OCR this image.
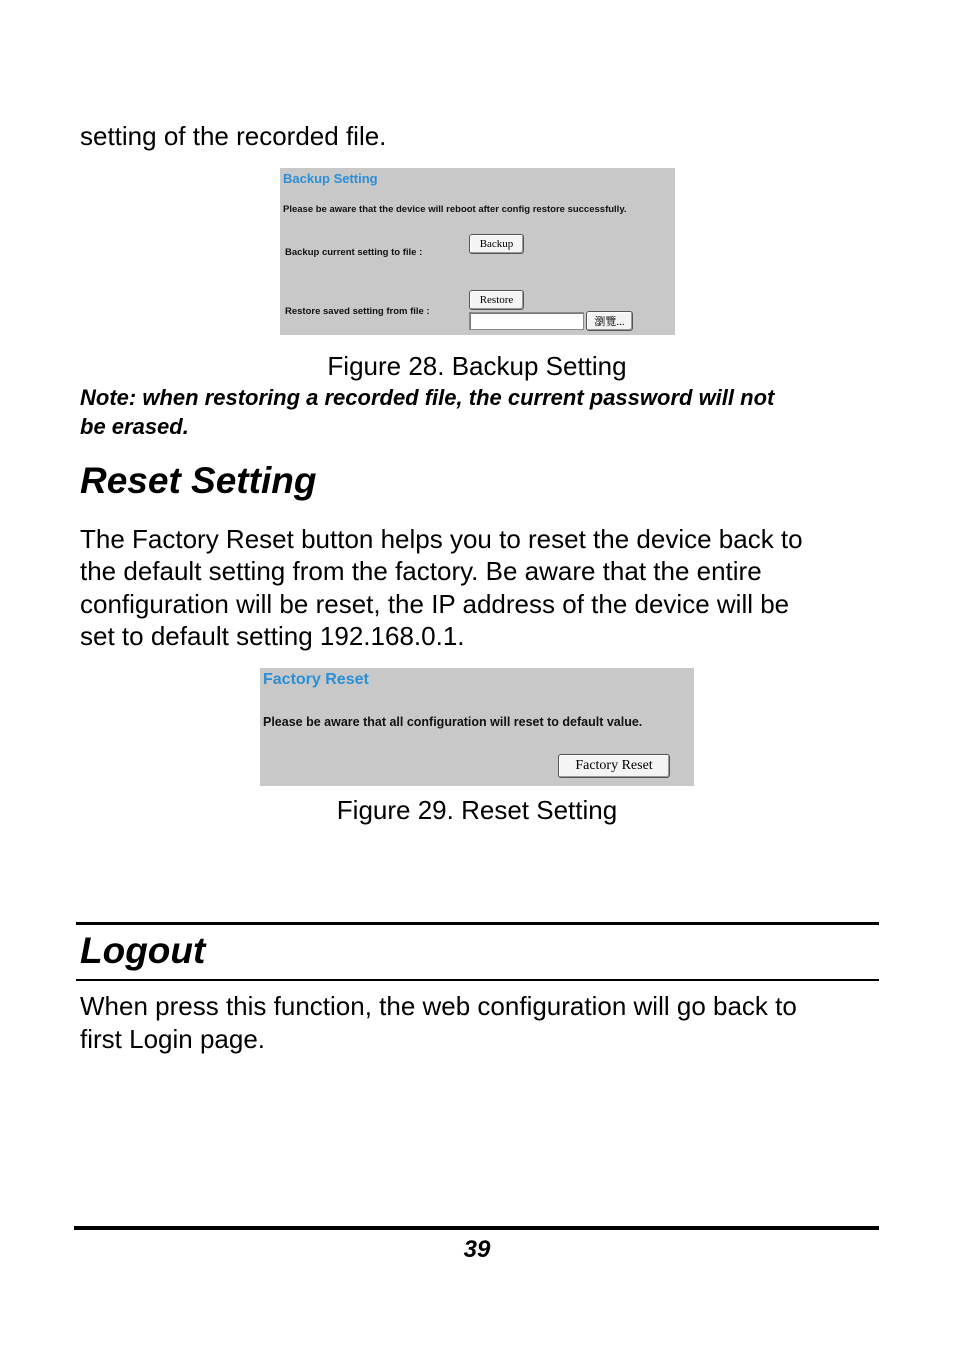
setting of the recorded file.
Backup Setting
Please be aware that the device will reboot after config restore successfully.
Backup current setting to file :
Backup
Restore saved setting from file :
Restore
瀏覽...
Figure 28. Backup Setting
Note: when restoring a recorded file, the current password will not
be erased.
Reset Setting
The Factory Reset button helps you to reset the device back to
the default setting from the factory. Be aware that the entire
configuration will be reset, the IP address of the device will be
set to default setting 192.168.0.1.
Factory Reset
Please be aware that all configuration will reset to default value.
Factory Reset
Figure 29. Reset Setting
Logout
When press this function, the web configuration will go back to
first Login page.
39
